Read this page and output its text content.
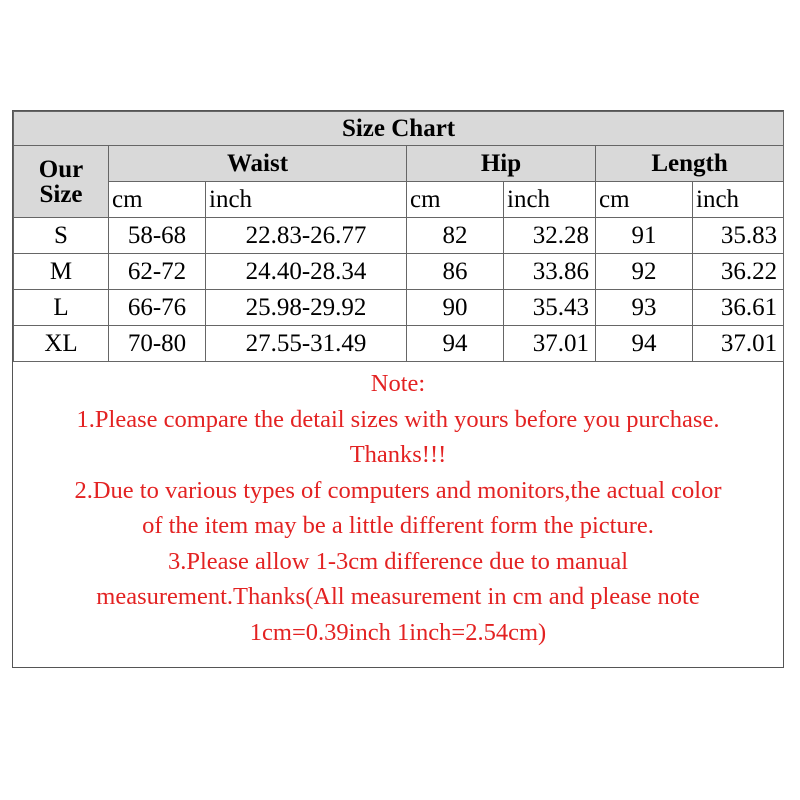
Size Chart						

Our
Size	Waist		Hip		Length	
	cm	inch	cm	inch	cm	inch
S	58-68	22.83-26.77	82	32.28	91	35.83
M	62-72	24.40-28.34	86	33.86	92	36.22
L	66-76	25.98-29.92	90	35.43	93	36.61
XL	70-80	27.55-31.49	94	37.01	94	37.01
Note:
1.Please compare the detail sizes with yours before you purchase.
Thanks!!!
2.Due to various types of computers and monitors,the actual color
of the item may be a little different form the picture.
3.Please allow 1-3cm difference due to manual
measurement.Thanks(All measurement in cm and please note
1cm=0.39inch 1inch=2.54cm)
